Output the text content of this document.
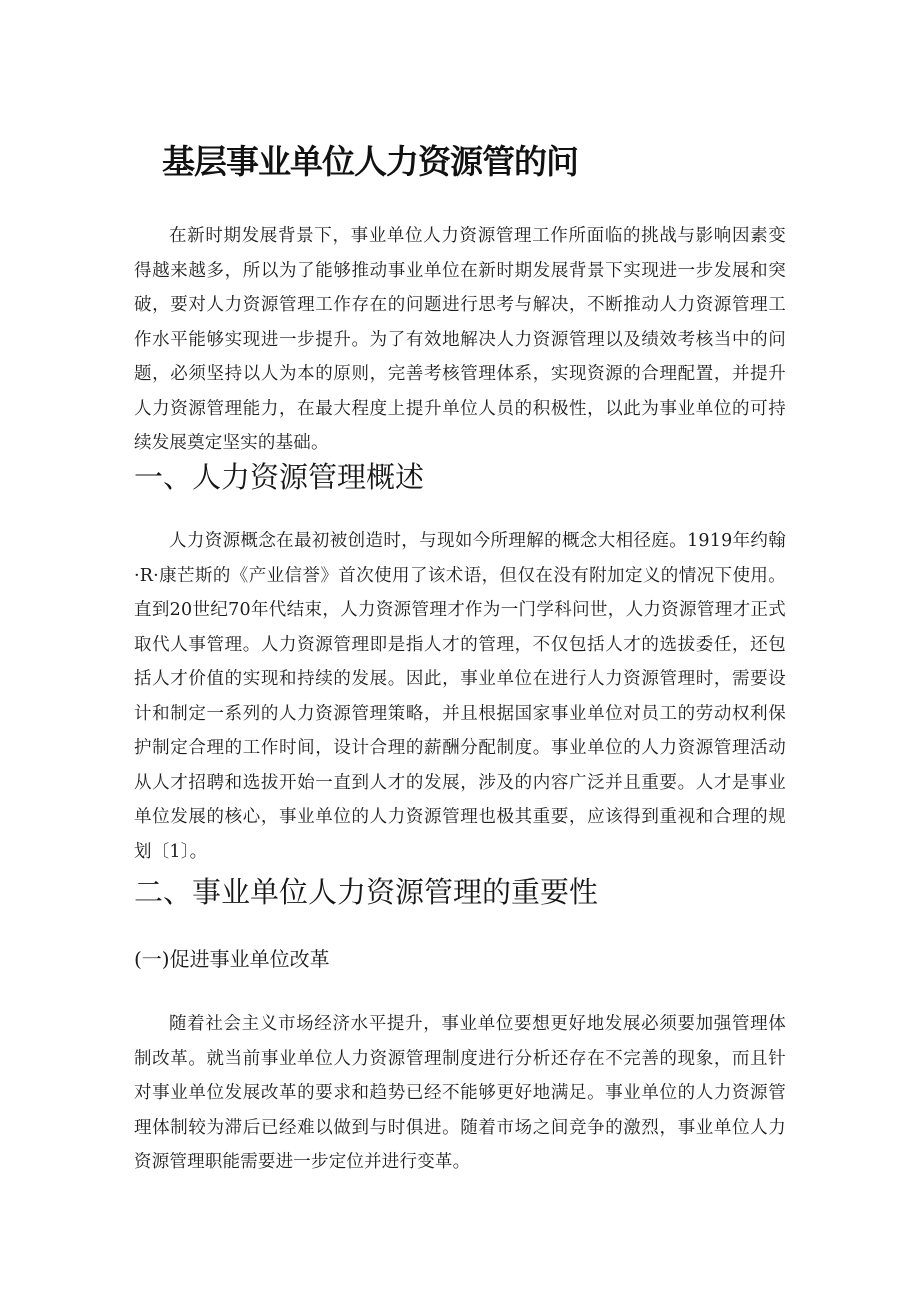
基层事业单位人力资源管的问

在新时期发展背景下，事业单位人力资源管理工作所面临的挑战与影响因素变得越来越多，所以为了能够推动事业单位在新时期发展背景下实现进一步发展和突破，要对人力资源管理工作存在的问题进行思考与解决，不断推动人力资源管理工作水平能够实现进一步提升。为了有效地解决人力资源管理以及绩效考核当中的问题，必须坚持以人为本的原则，完善考核管理体系，实现资源的合理配置，并提升人力资源管理能力，在最大程度上提升单位人员的积极性，以此为事业单位的可持续发展奠定坚实的基础。

一、人力资源管理概述

人力资源概念在最初被创造时，与现如今所理解的概念大相径庭。1919年约翰·R·康芒斯的《产业信誉》首次使用了该术语，但仅在没有附加定义的情况下使用。直到20世纪70年代结束，人力资源管理才作为一门学科问世，人力资源管理才正式取代人事管理。人力资源管理即是指人才的管理，不仅包括人才的选拔委任，还包括人才价值的实现和持续的发展。因此，事业单位在进行人力资源管理时，需要设计和制定一系列的人力资源管理策略，并且根据国家事业单位对员工的劳动权利保护制定合理的工作时间，设计合理的薪酬分配制度。事业单位的人力资源管理活动从人才招聘和选拔开始一直到人才的发展，涉及的内容广泛并且重要。人才是事业单位发展的核心，事业单位的人力资源管理也极其重要，应该得到重视和合理的规划〔1〕。

二、事业单位人力资源管理的重要性
(一)促进事业单位改革

随着社会主义市场经济水平提升，事业单位要想更好地发展必须要加强管理体制改革。就当前事业单位人力资源管理制度进行分析还存在不完善的现象，而且针对事业单位发展改革的要求和趋势已经不能够更好地满足。事业单位的人力资源管理体制较为滞后已经难以做到与时俱进。随着市场之间竞争的激烈，事业单位人力资源管理职能需要进一步定位并进行变革。
